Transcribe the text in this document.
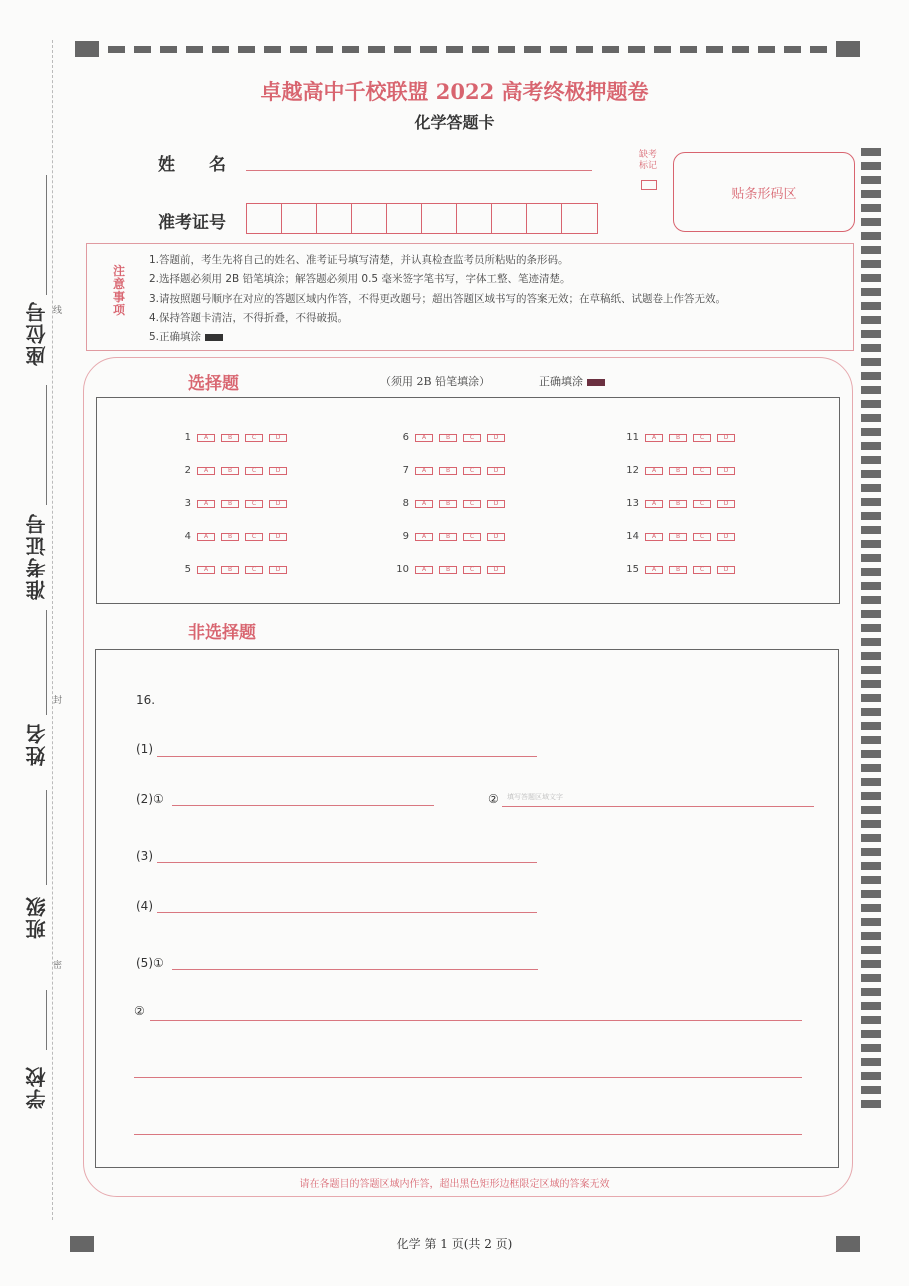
座位号 线
准考证号
姓名
封
班级
密
学校
卓越高中千校联盟 2022 高考终极押题卷
化学答题卡
姓　　名
准考证号
缺考标记
贴条形码区
注意事项
1.答题前，考生先将自己的姓名、准考证号填写清楚，并认真检查监考员所粘贴的条形码。
2.选择题必须用 2B 铅笔填涂；解答题必须用 0.5 毫米签字笔书写，字体工整、笔迹清楚。
3.请按照题号顺序在对应的答题区域内作答，不得更改题号；超出答题区域书写的答案无效；在草稿纸、试题卷上作答无效。
4.保持答题卡清洁，不得折叠，不得破损。
5.正确填涂
选择题	（须用 2B 铅笔填涂）	正确填涂
1	A	B	C	D
2	A	B	C	D
3	A	B	C	D
4	A	B	C	D
5	A	B	C	D
6	A	B	C	D
7	A	B	C	D
8	A	B	C	D
9	A	B	C	D
10	A	B	C	D
11	A	B	C	D
12	A	B	C	D
13	A	B	C	D
14	A	B	C	D
15	A	B	C	D
非选择题
16.
(1)
(2)①	② 填写答题区域文字
(3)
(4)
(5)①
②
请在各题目的答题区域内作答，超出黑色矩形边框限定区域的答案无效
化学 第 1 页(共 2 页)
